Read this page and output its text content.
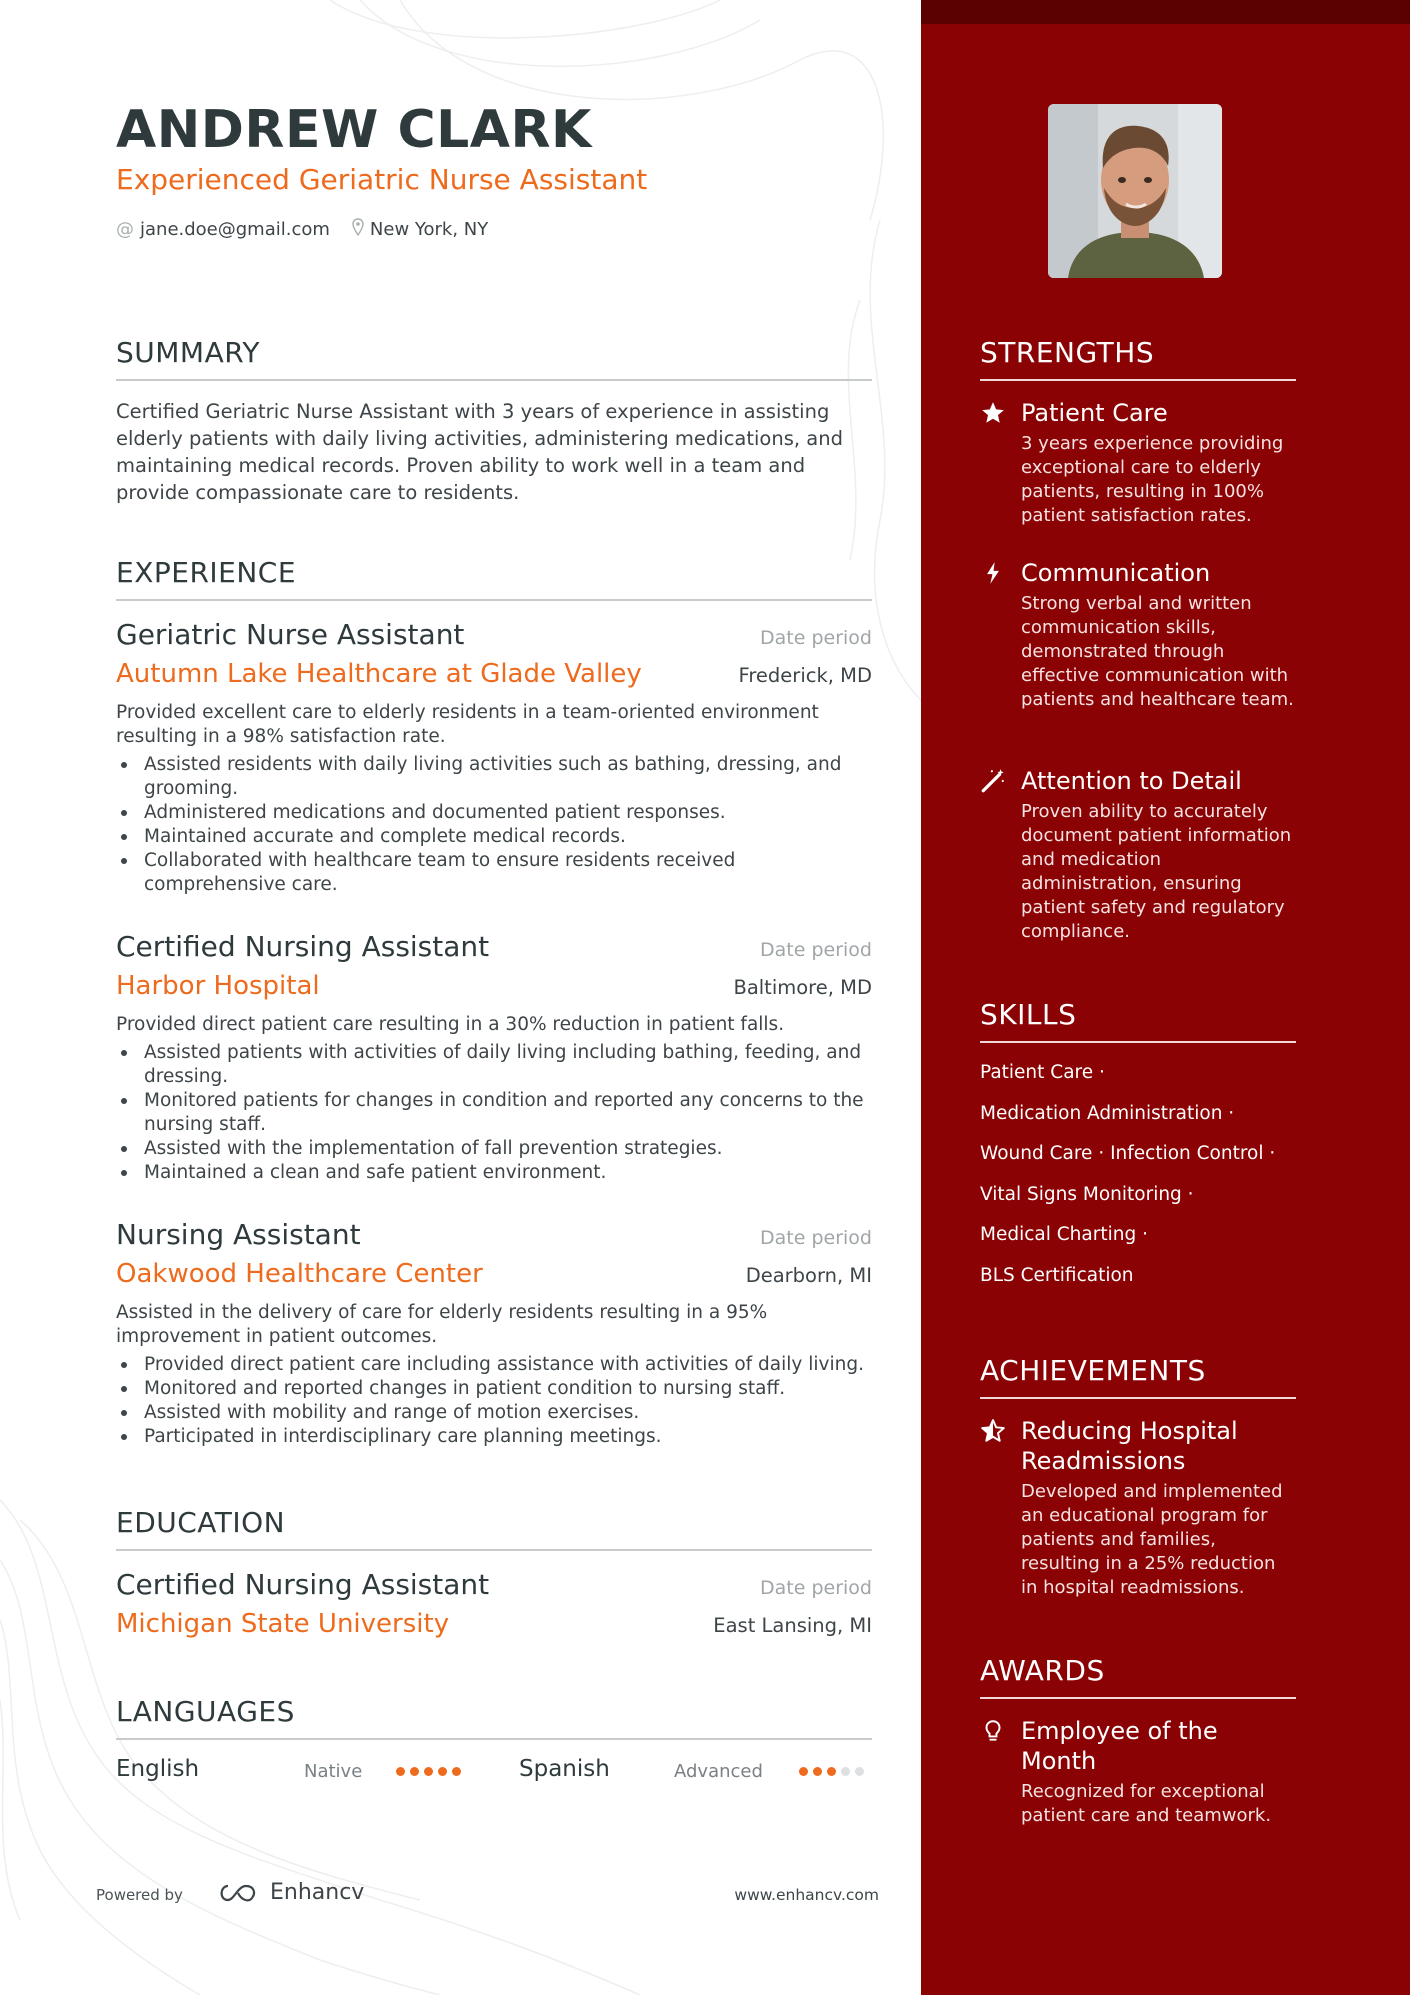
ANDREW CLARK
Experienced Geriatric Nurse Assistant
@ jane.doe@gmail.com New York, NY
SUMMARY
Certified Geriatric Nurse Assistant with 3 years of experience in assisting elderly patients with daily living activities, administering medications, and maintaining medical records. Proven ability to work well in a team and provide compassionate care to residents.
EXPERIENCE
Geriatric Nurse Assistant	Date period
Autumn Lake Healthcare at Glade Valley	Frederick, MD
Provided excellent care to elderly residents in a team-oriented environment resulting in a 98% satisfaction rate.
Assisted residents with daily living activities such as bathing, dressing, and grooming.
Administered medications and documented patient responses.
Maintained accurate and complete medical records.
Collaborated with healthcare team to ensure residents received comprehensive care.
Certified Nursing Assistant	Date period
Harbor Hospital	Baltimore, MD
Provided direct patient care resulting in a 30% reduction in patient falls.
Assisted patients with activities of daily living including bathing, feeding, and dressing.
Monitored patients for changes in condition and reported any concerns to the nursing staff.
Assisted with the implementation of fall prevention strategies.
Maintained a clean and safe patient environment.
Nursing Assistant	Date period
Oakwood Healthcare Center	Dearborn, MI
Assisted in the delivery of care for elderly residents resulting in a 95% improvement in patient outcomes.
Provided direct patient care including assistance with activities of daily living.
Monitored and reported changes in patient condition to nursing staff.
Assisted with mobility and range of motion exercises.
Participated in interdisciplinary care planning meetings.
EDUCATION
Certified Nursing Assistant	Date period
Michigan State University	East Lansing, MI
LANGUAGES
English	Native	Spanish	Advanced
Powered by	Enhancv	www.enhancv.com
STRENGTHS
Patient Care
3 years experience providing exceptional care to elderly patients, resulting in 100% patient satisfaction rates.
Communication
Strong verbal and written communication skills, demonstrated through effective communication with patients and healthcare team.
Attention to Detail
Proven ability to accurately document patient information and medication administration, ensuring patient safety and regulatory compliance.
SKILLS
Patient Care ·
Medication Administration ·
Wound Care · Infection Control ·
Vital Signs Monitoring ·
Medical Charting ·
BLS Certification
ACHIEVEMENTS
Reducing Hospital Readmissions
Developed and implemented an educational program for patients and families, resulting in a 25% reduction in hospital readmissions.
AWARDS
Employee of the Month
Recognized for exceptional patient care and teamwork.
